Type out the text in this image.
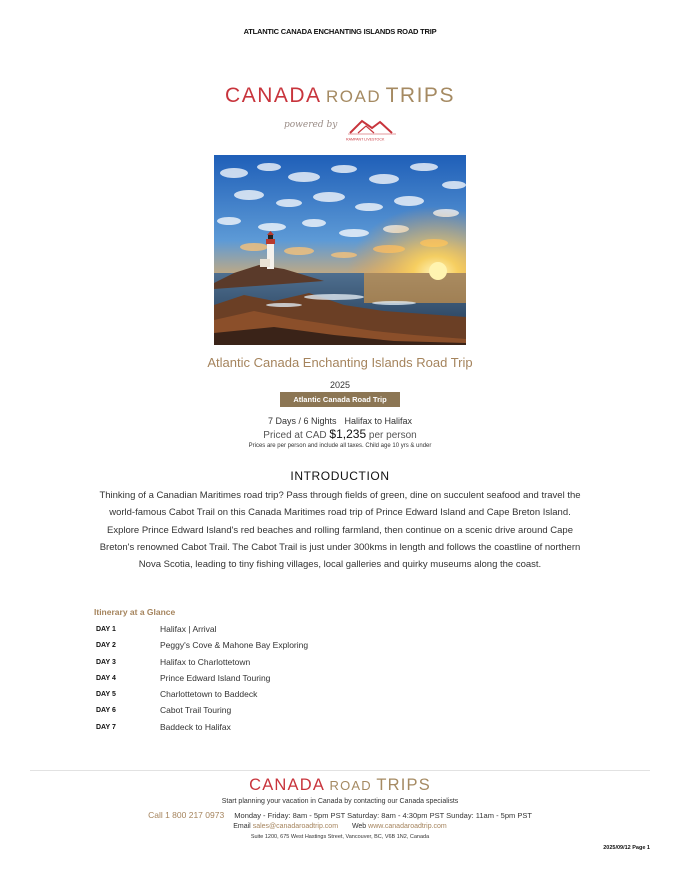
ATLANTIC CANADA ENCHANTING ISLANDS ROAD TRIP
CANADA ROAD TRIPS
powered by
RAMPANT LIVESTOCK
Atlantic Canada Enchanting Islands Road Trip
2025
Atlantic Canada Road Trip
7 Days / 6 Nights Halifax to Halifax
Priced at CAD $1,235 per person
Prices are per person and include all taxes. Child age 10 yrs & under
INTRODUCTION
Thinking of a Canadian Maritimes road trip? Pass through fields of green, dine on succulent seafood and travel the world-famous Cabot Trail on this Canada Maritimes road trip of Prince Edward Island and Cape Breton Island. Explore Prince Edward Island's red beaches and rolling farmland, then continue on a scenic drive around Cape Breton's renowned Cabot Trail. The Cabot Trail is just under 300kms in length and follows the coastline of northern Nova Scotia, leading to tiny fishing villages, local galleries and quirky museums along the coast.
Itinerary at a Glance
DAY 1	Halifax | Arrival
DAY 2	Peggy's Cove & Mahone Bay Exploring
DAY 3	Halifax to Charlottetown
DAY 4	Prince Edward Island Touring
DAY 5	Charlottetown to Baddeck
DAY 6	Cabot Trail Touring
DAY 7	Baddeck to Halifax
CANADA ROAD TRIPS
Start planning your vacation in Canada by contacting our Canada specialists
Call 1 800 217 0973 Monday - Friday: 8am - 5pm PST Saturday: 8am - 4:30pm PST Sunday: 11am - 5pm PST
Email sales@canadaroadtrip.com Web www.canadaroadtrip.com
Suite 1200, 675 West Hastings Street, Vancouver, BC, V6B 1N2, Canada
2025/09/12 Page 1
